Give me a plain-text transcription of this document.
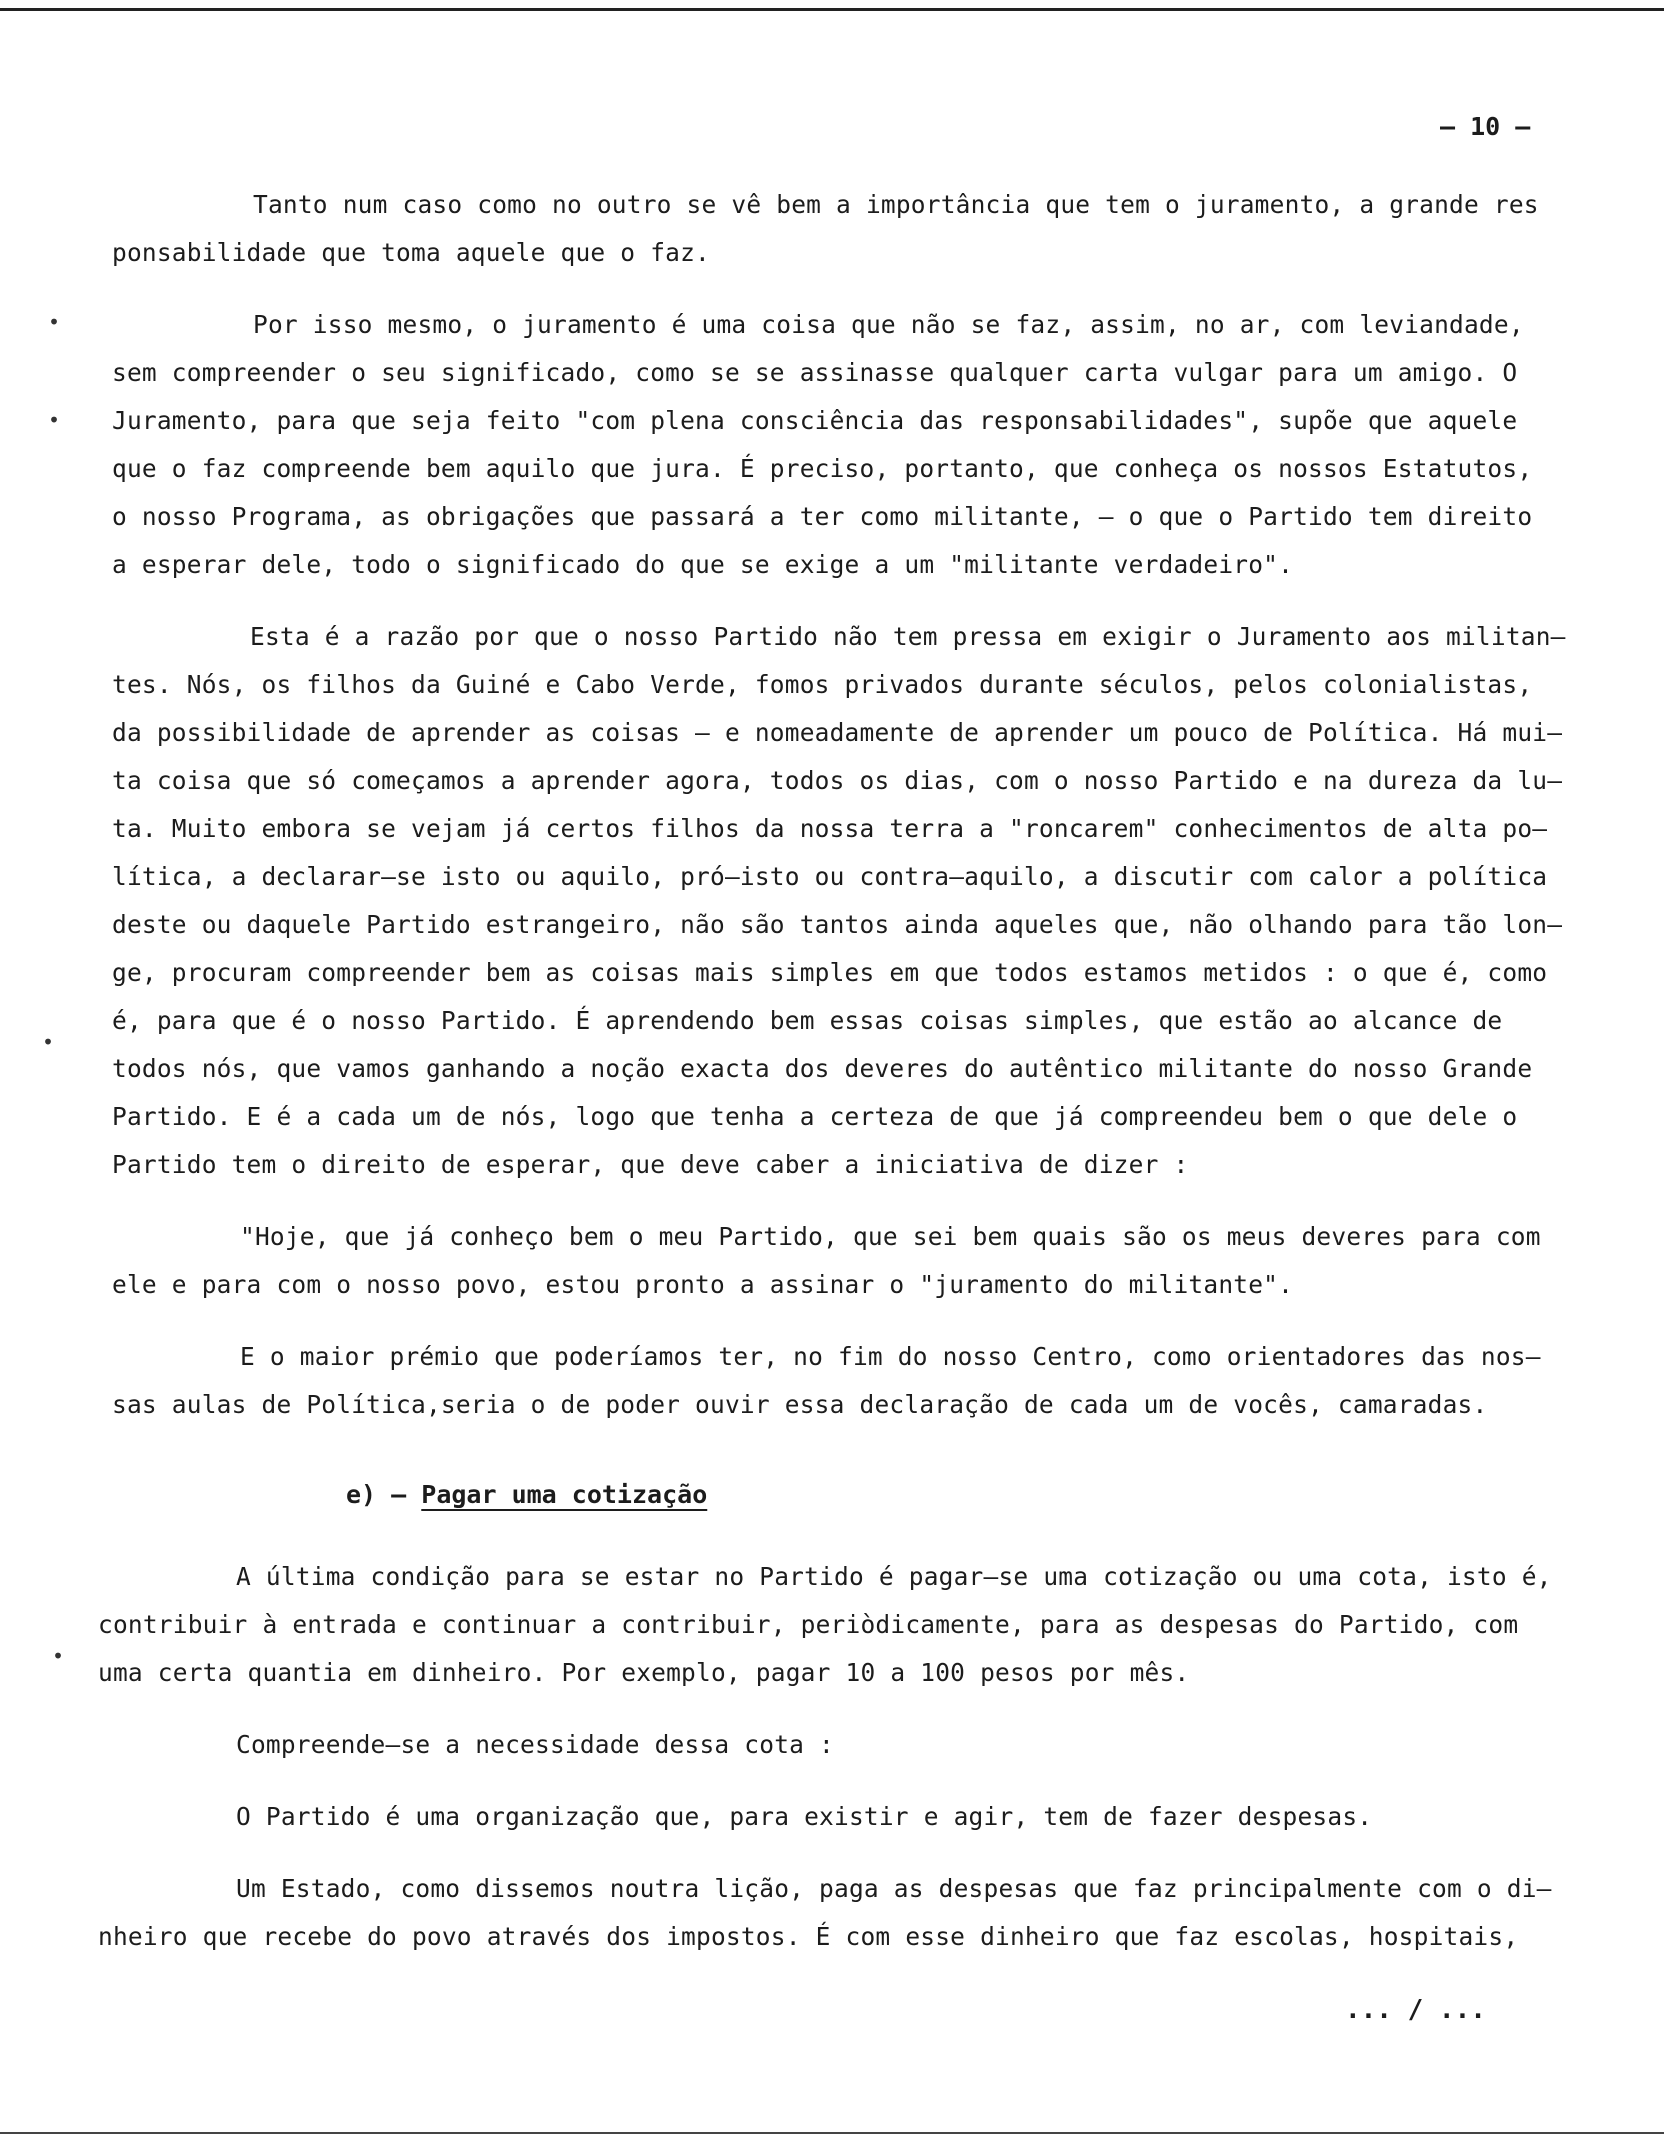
– 10 –
Tanto num caso como no outro se vê bem a importância que tem o juramento, a grande res
ponsabilidade que toma aquele que o faz.
Por isso mesmo, o juramento é uma coisa que não se faz, assim, no ar, com leviandade,
sem compreender o seu significado, como se se assinasse qualquer carta vulgar para um amigo. O
Juramento, para que seja feito "com plena consciência das responsabilidades", supõe que aquele
que o faz compreende bem aquilo que jura. É preciso, portanto, que conheça os nossos Estatutos,
o nosso Programa, as obrigações que passará a ter como militante, – o que o Partido tem direito
a esperar dele, todo o significado do que se exige a um "militante verdadeiro".
Esta é a razão por que o nosso Partido não tem pressa em exigir o Juramento aos militan–
tes. Nós, os filhos da Guiné e Cabo Verde, fomos privados durante séculos, pelos colonialistas,
da possibilidade de aprender as coisas – e nomeadamente de aprender um pouco de Política. Há mui–
ta coisa que só começamos a aprender agora, todos os dias, com o nosso Partido e na dureza da lu–
ta. Muito embora se vejam já certos filhos da nossa terra a "roncarem" conhecimentos de alta po–
lítica, a declarar–se isto ou aquilo, pró–isto ou contra–aquilo, a discutir com calor a política
deste ou daquele Partido estrangeiro, não são tantos ainda aqueles que, não olhando para tão lon–
ge, procuram compreender bem as coisas mais simples em que todos estamos metidos : o que é, como
é, para que é o nosso Partido. É aprendendo bem essas coisas simples, que estão ao alcance de
todos nós, que vamos ganhando a noção exacta dos deveres do autêntico militante do nosso Grande
Partido. E é a cada um de nós, logo que tenha a certeza de que já compreendeu bem o que dele o
Partido tem o direito de esperar, que deve caber a iniciativa de dizer :
"Hoje, que já conheço bem o meu Partido, que sei bem quais são os meus deveres para com
ele e para com o nosso povo, estou pronto a assinar o "juramento do militante".
E o maior prémio que poderíamos ter, no fim do nosso Centro, como orientadores das nos–
sas aulas de Política,seria o de poder ouvir essa declaração de cada um de vocês, camaradas.
e) – Pagar uma cotização
A última condição para se estar no Partido é pagar–se uma cotização ou uma cota, isto é,
contribuir à entrada e continuar a contribuir, periòdicamente, para as despesas do Partido, com
uma certa quantia em dinheiro. Por exemplo, pagar 10 a 100 pesos por mês.
Compreende–se a necessidade dessa cota :
O Partido é uma organização que, para existir e agir, tem de fazer despesas.
Um Estado, como dissemos noutra lição, paga as despesas que faz principalmente com o di–
nheiro que recebe do povo através dos impostos. É com esse dinheiro que faz escolas, hospitais,
... / ...
•
•
•
•
